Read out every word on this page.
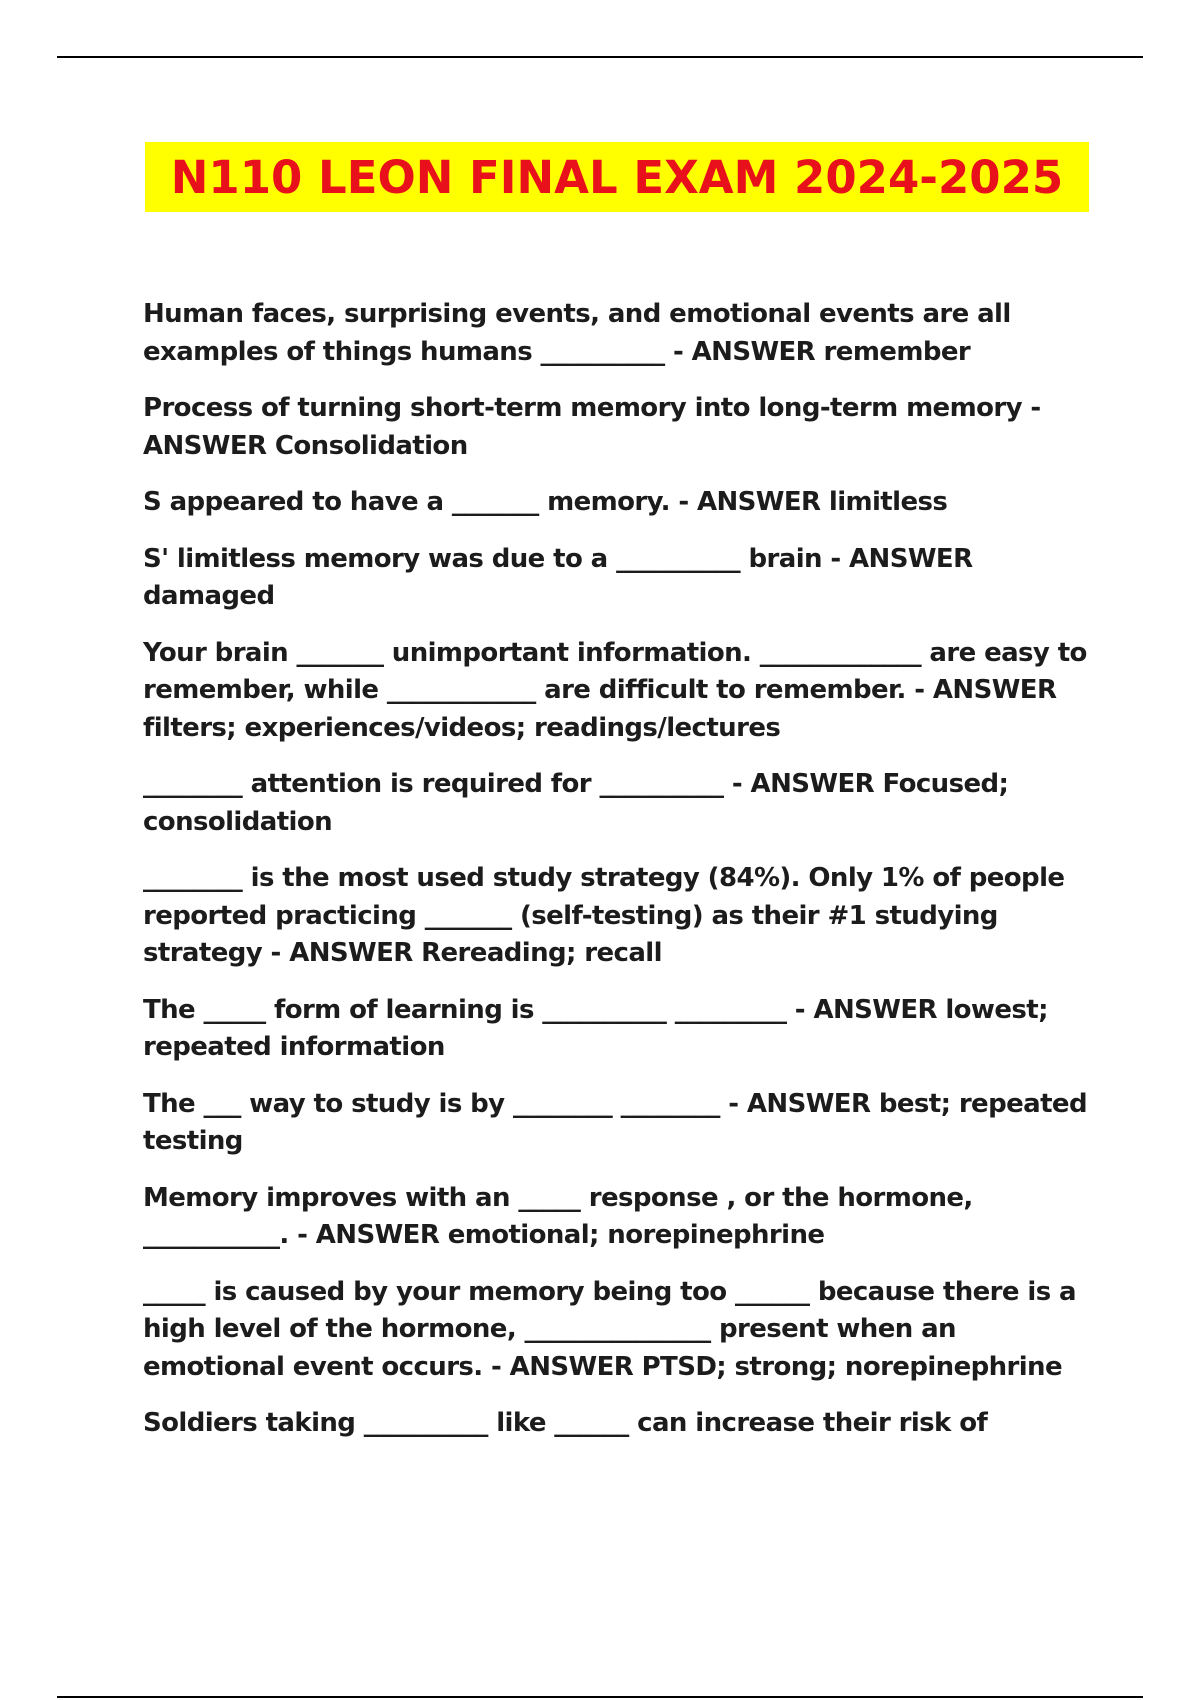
N110 LEON FINAL EXAM 2024-2025

Human faces, surprising events, and emotional events are all examples of things humans __________ - ANSWER remember

Process of turning short-term memory into long-term memory - ANSWER Consolidation

S appeared to have a _______ memory. - ANSWER limitless

S' limitless memory was due to a __________ brain - ANSWER damaged

Your brain _______ unimportant information. _____________ are easy to remember, while ____________ are difficult to remember. - ANSWER filters; experiences/videos; readings/lectures

________ attention is required for __________ - ANSWER Focused; consolidation

________ is the most used study strategy (84%). Only 1% of people reported practicing _______ (self-testing) as their #1 studying strategy - ANSWER Rereading; recall

The _____ form of learning is __________ _________ - ANSWER lowest; repeated information

The ___ way to study is by ________ ________ - ANSWER best; repeated testing

Memory improves with an _____ response , or the hormone, ___________. - ANSWER emotional; norepinephrine

_____ is caused by your memory being too ______ because there is a high level of the hormone, _______________ present when an emotional event occurs. - ANSWER PTSD; strong; norepinephrine

Soldiers taking __________ like ______ can increase their risk of
